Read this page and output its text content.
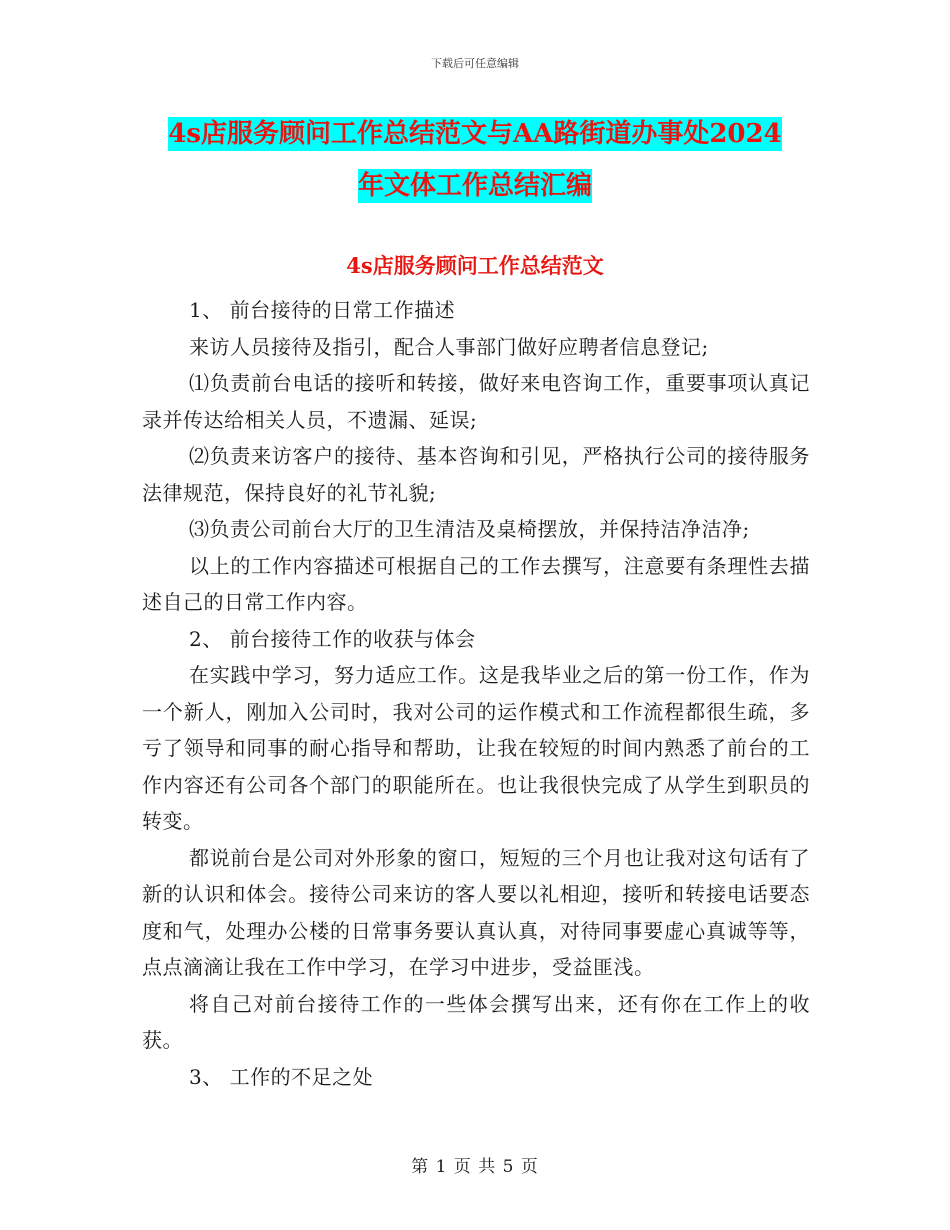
下载后可任意编辑
4s店服务顾问工作总结范文与AA路街道办事处2024
年文体工作总结汇编
4s店服务顾问工作总结范文

1、 前台接待的日常工作描述

来访人员接待及指引，配合人事部门做好应聘者信息登记;

⑴负责前台电话的接听和转接，做好来电咨询工作，重要事项认真记录并传达给相关人员，不遗漏、延误;

⑵负责来访客户的接待、基本咨询和引见，严格执行公司的接待服务法律规范，保持良好的礼节礼貌;

⑶负责公司前台大厅的卫生清洁及桌椅摆放，并保持洁净洁净;

以上的工作内容描述可根据自己的工作去撰写，注意要有条理性去描述自己的日常工作内容。

2、 前台接待工作的收获与体会

在实践中学习，努力适应工作。这是我毕业之后的第一份工作，作为一个新人，刚加入公司时，我对公司的运作模式和工作流程都很生疏，多亏了领导和同事的耐心指导和帮助，让我在较短的时间内熟悉了前台的工作内容还有公司各个部门的职能所在。也让我很快完成了从学生到职员的转变。

都说前台是公司对外形象的窗口，短短的三个月也让我对这句话有了新的认识和体会。接待公司来访的客人要以礼相迎，接听和转接电话要态度和气，处理办公楼的日常事务要认真认真，对待同事要虚心真诚等等，点点滴滴让我在工作中学习，在学习中进步，受益匪浅。

将自己对前台接待工作的一些体会撰写出来，还有你在工作上的收获。

3、 工作的不足之处

第 1 页 共 5 页
